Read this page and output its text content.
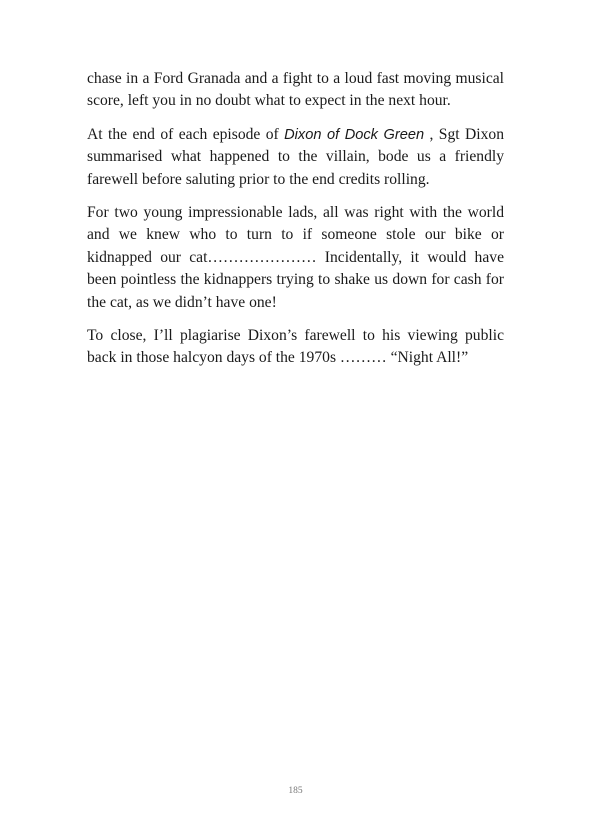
chase in a Ford Granada and a fight to a loud fast moving musical score, left you in no doubt what to expect in the next hour.

At the end of each episode of Dixon of Dock Green , Sgt Dixon summarised what happened to the villain, bode us a friendly farewell before saluting prior to the end credits rolling.

For two young impressionable lads, all was right with the world and we knew who to turn to if someone stole our bike or kidnapped our cat………………… Incidentally, it would have been pointless the kidnappers trying to shake us down for cash for the cat, as we didn’t have one!

To close, I’ll plagiarise Dixon’s farewell to his viewing public back in those halcyon days of the 1970s ……… “Night All!”

185
